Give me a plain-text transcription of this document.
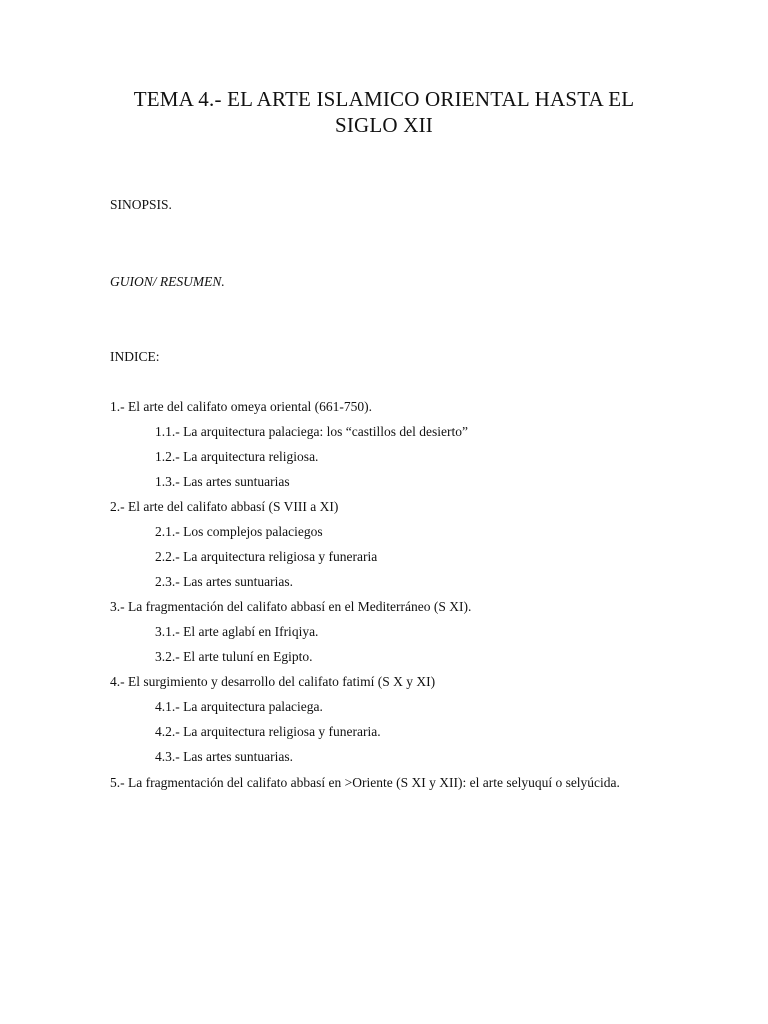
TEMA 4.- EL ARTE ISLAMICO ORIENTAL HASTA EL
SIGLO XII
SINOPSIS.
GUION/ RESUMEN.
INDICE:
1.- El arte del califato omeya oriental (661-750).
1.1.- La arquitectura palaciega: los “castillos del desierto”
1.2.- La arquitectura religiosa.
1.3.- Las artes suntuarias
2.- El arte del califato abbasí (S VIII a XI)
2.1.- Los complejos palaciegos
2.2.- La arquitectura religiosa y funeraria
2.3.- Las artes suntuarias.
3.- La fragmentación del califato abbasí en el Mediterráneo (S XI).
3.1.- El arte aglabí en Ifriqiya.
3.2.- El arte tuluní en Egipto.
4.- El surgimiento y desarrollo del califato fatimí (S X y XI)
4.1.- La arquitectura palaciega.
4.2.- La arquitectura religiosa y funeraria.
4.3.- Las artes suntuarias.
5.- La fragmentación del califato abbasí en >Oriente (S XI y XII): el arte selyuquí o selyúcida.
